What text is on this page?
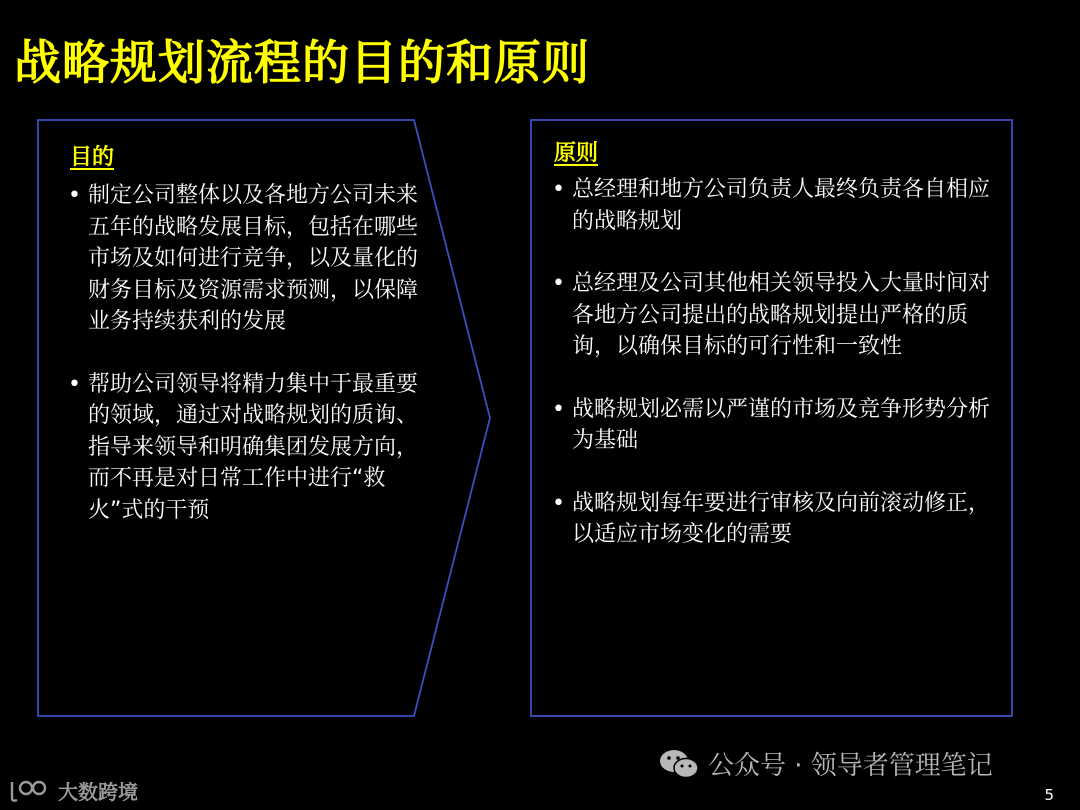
战略规划流程的目的和原则
目的
• 制定公司整体以及各地方公司未来五年的战略发展目标，包括在哪些市场及如何进行竞争，以及量化的财务目标及资源需求预测，以保障业务持续获利的发展
• 帮助公司领导将精力集中于最重要的领域，通过对战略规划的质询、指导来领导和明确集团发展方向，而不再是对日常工作中进行“救火”式的干预
原则
• 总经理和地方公司负责人最终负责各自相应的战略规划
• 总经理及公司其他相关领导投入大量时间对各地方公司提出的战略规划提出严格的质询，以确保目标的可行性和一致性
• 战略规划必需以严谨的市场及竞争形势分析为基础
• 战略规划每年要进行审核及向前滚动修正，以适应市场变化的需要
公众号 · 领导者管理笔记
大数跨境	5
